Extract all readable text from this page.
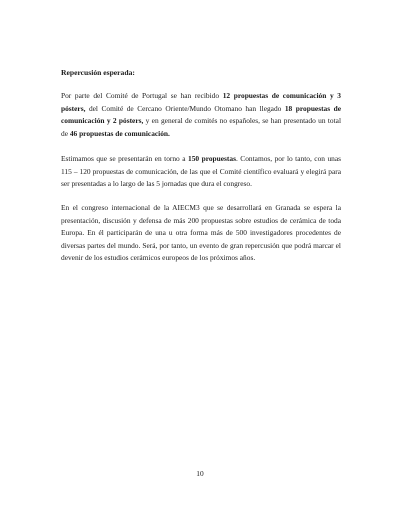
Repercusión esperada:

Por parte del Comité de Portugal se han recibido 12 propuestas de comunicación y 3 pósters, del Comité de Cercano Oriente/Mundo Otomano han llegado 18 propuestas de comunicación y 2 pósters, y en general de comités no españoles, se han presentado un total de 46 propuestas de comunicación.

Estimamos que se presentarán en torno a 150 propuestas. Contamos, por lo tanto, con unas 115 – 120 propuestas de comunicación, de las que el Comité científico evaluará y elegirá para ser presentadas a lo largo de las 5 jornadas que dura el congreso.

En el congreso internacional de la AIECM3 que se desarrollará en Granada se espera la presentación, discusión y defensa de más 200 propuestas sobre estudios de cerámica de toda Europa. En él participarán de una u otra forma más de 500 investigadores procedentes de diversas partes del mundo. Será, por tanto, un evento de gran repercusión que podrá marcar el devenir de los estudios cerámicos europeos de los próximos años.

10
